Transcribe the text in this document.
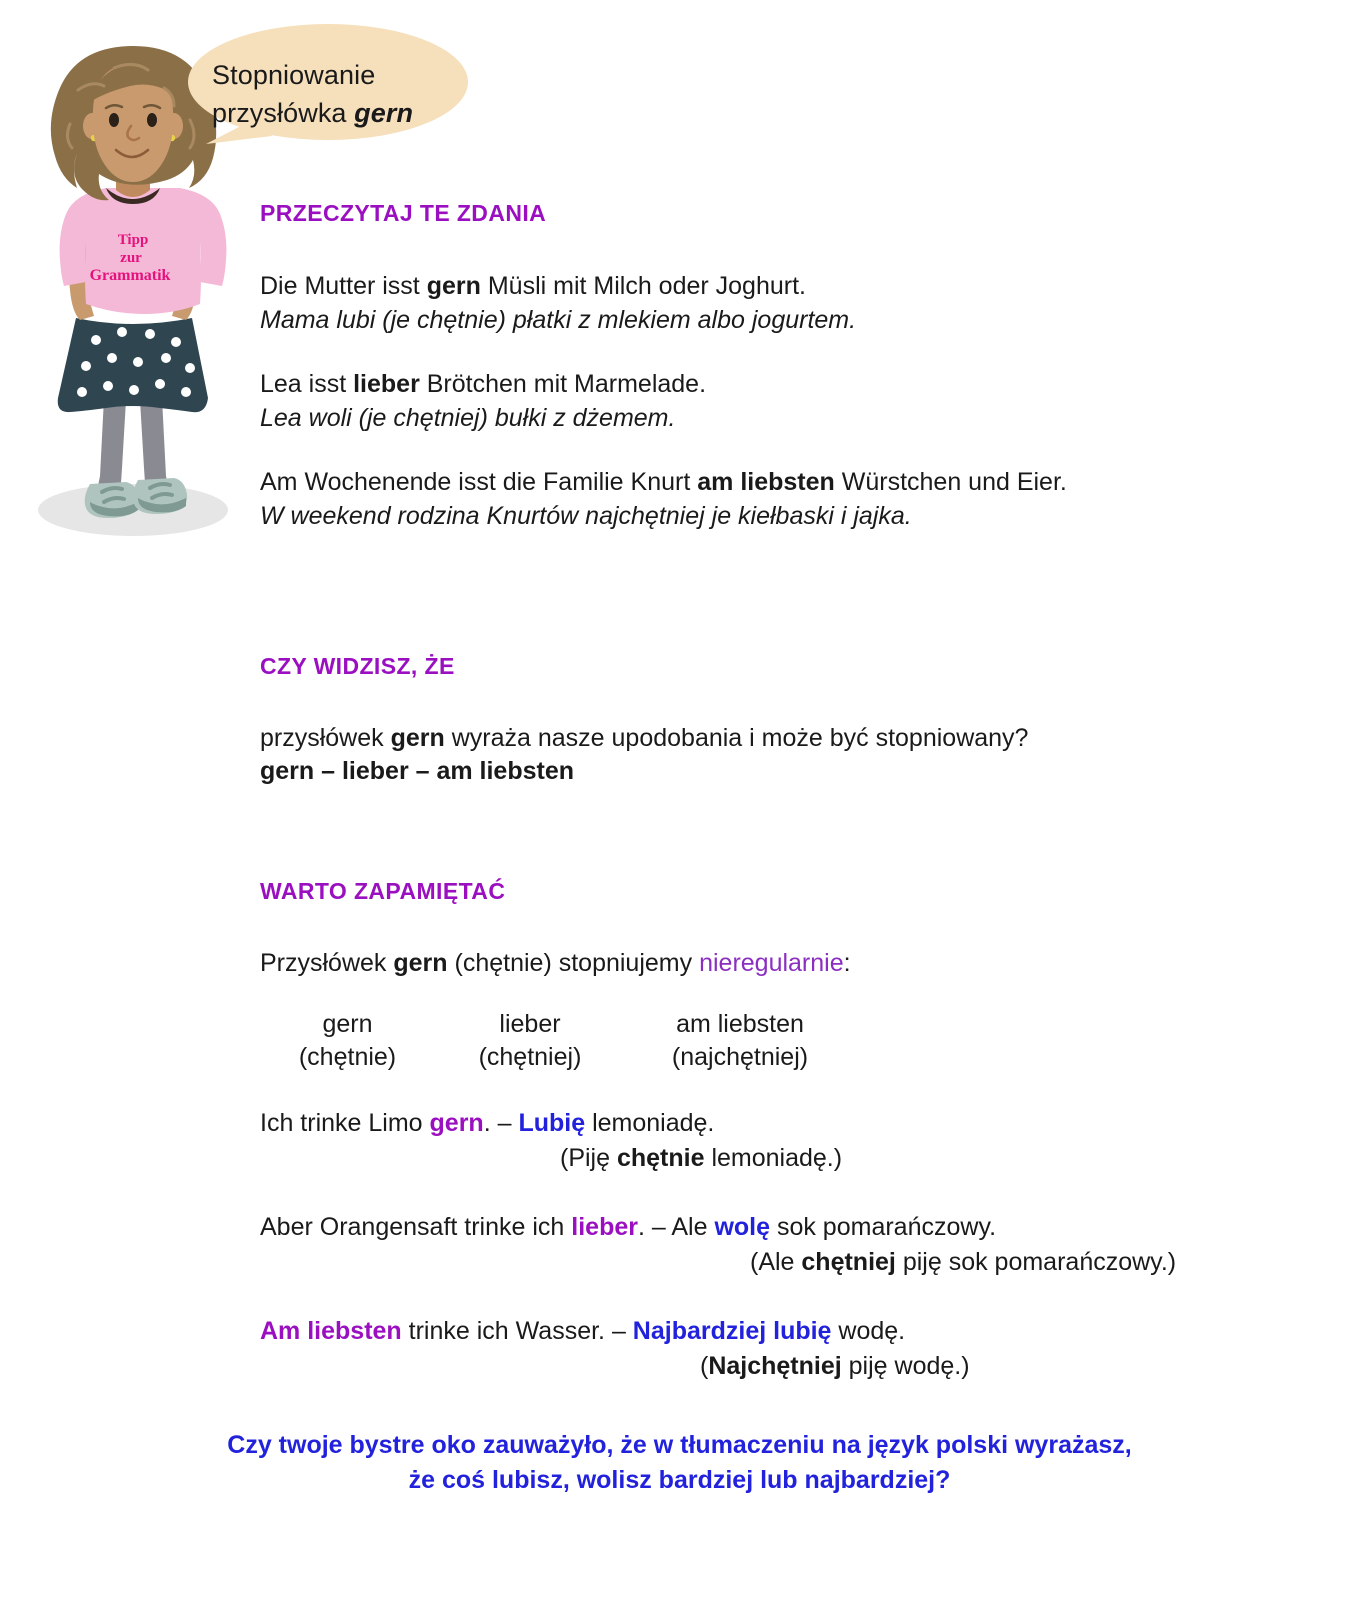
Tipp
zur
Grammatik
Stopniowanie
przysłówka gern
PRZECZYTAJ TE ZDANIA
Die Mutter isst gern Müsli mit Milch oder Joghurt.
Mama lubi (je chętnie) płatki z mlekiem albo jogurtem.
Lea isst lieber Brötchen mit Marmelade.
Lea woli (je chętniej) bułki z dżemem.
Am Wochenende isst die Familie Knurt am liebsten Würstchen und Eier.
W weekend rodzina Knurtów najchętniej je kiełbaski i jajka.
CZY WIDZISZ, ŻE
przysłówek gern wyraża nasze upodobania i może być stopniowany?
gern – lieber – am liebsten
WARTO ZAPAMIĘTAĆ
Przysłówek gern (chętnie) stopniujemy nieregularnie:
gern
(chętnie)
lieber
(chętniej)
am liebsten
(najchętniej)
Ich trinke Limo gern. – Lubię lemoniadę.
(Piję chętnie lemoniadę.)
Aber Orangensaft trinke ich lieber. – Ale wolę sok pomarańczowy.
(Ale chętniej piję sok pomarańczowy.)
Am liebsten trinke ich Wasser. – Najbardziej lubię wodę.
(Najchętniej piję wodę.)
Czy twoje bystre oko zauważyło, że w tłumaczeniu na język polski wyrażasz,
że coś lubisz, wolisz bardziej lub najbardziej?
